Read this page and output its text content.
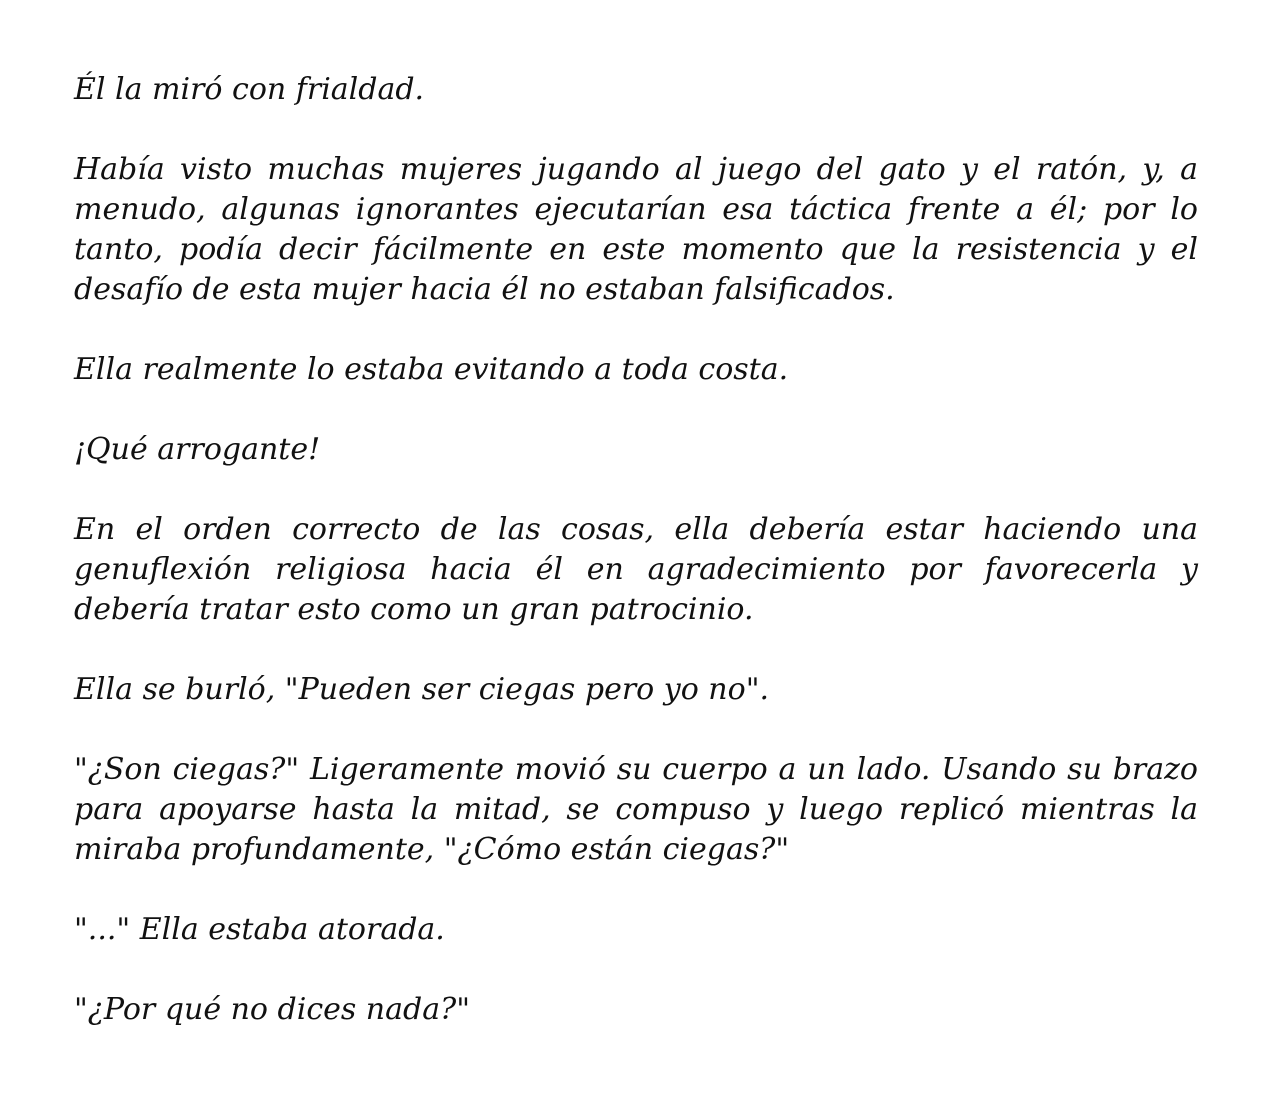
Él la miró con frialdad.

Había visto muchas mujeres jugando al juego del gato y el ratón, y, a menudo, algunas ignorantes ejecutarían esa táctica frente a él; por lo tanto, podía decir fácilmente en este momento que la resistencia y el desafío de esta mujer hacia él no estaban falsificados.

Ella realmente lo estaba evitando a toda costa.

¡Qué arrogante!

En el orden correcto de las cosas, ella debería estar haciendo una genuflexión religiosa hacia él en agradecimiento por favorecerla y debería tratar esto como un gran patrocinio.

Ella se burló, "Pueden ser ciegas pero yo no".

"¿Son ciegas?" Ligeramente movió su cuerpo a un lado. Usando su brazo para apoyarse hasta la mitad, se compuso y luego replicó mientras la miraba profundamente, "¿Cómo están ciegas?"

"..." Ella estaba atorada.

"¿Por qué no dices nada?"
